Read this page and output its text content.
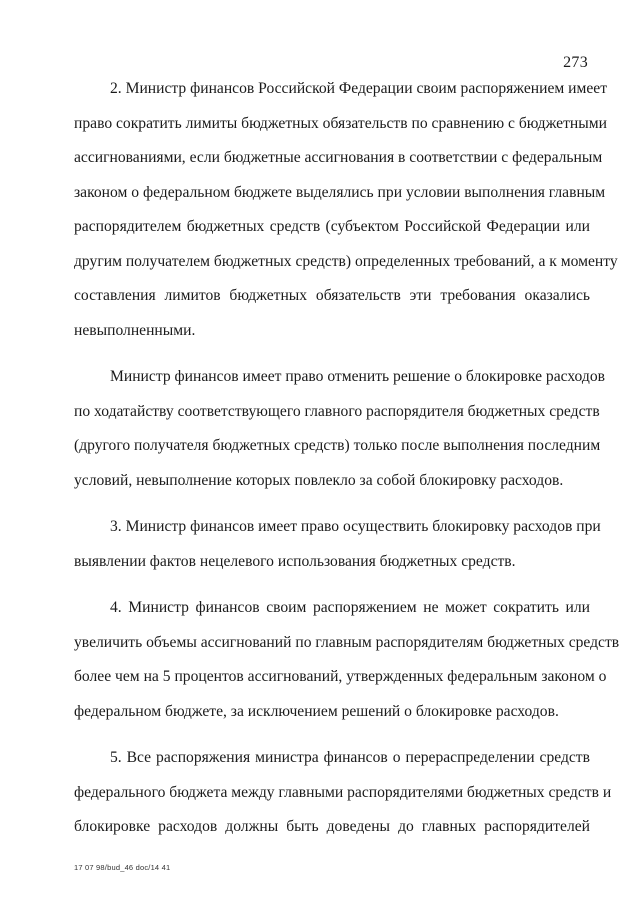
273
2. Министр финансов Российской Федерации своим распоряжением имеет
право сократить лимиты бюджетных обязательств по сравнению с бюджетными
ассигнованиями, если бюджетные ассигнования в соответствии с федеральным
законом о федеральном бюджете выделялись при условии выполнения главным
распорядителем бюджетных средств (субъектом Российской Федерации или
другим получателем бюджетных средств) определенных требований, а к моменту
составления лимитов бюджетных обязательств эти требования оказались
невыполненными.
Министр финансов имеет право отменить решение о блокировке расходов
по ходатайству соответствующего главного распорядителя бюджетных средств
(другого получателя бюджетных средств) только после выполнения последним
условий, невыполнение которых повлекло за собой блокировку расходов.
3. Министр финансов имеет право осуществить блокировку расходов при
выявлении фактов нецелевого использования бюджетных средств.
4. Министр финансов своим распоряжением не может сократить или
увеличить объемы ассигнований по главным распорядителям бюджетных средств
более чем на 5 процентов ассигнований, утвержденных федеральным законом о
федеральном бюджете, за исключением решений о блокировке расходов.
5. Все распоряжения министра финансов о перераспределении средств
федерального бюджета между главными распорядителями бюджетных средств и
блокировке расходов должны быть доведены до главных распорядителей
17 07 98/bud_46 doc/14 41
